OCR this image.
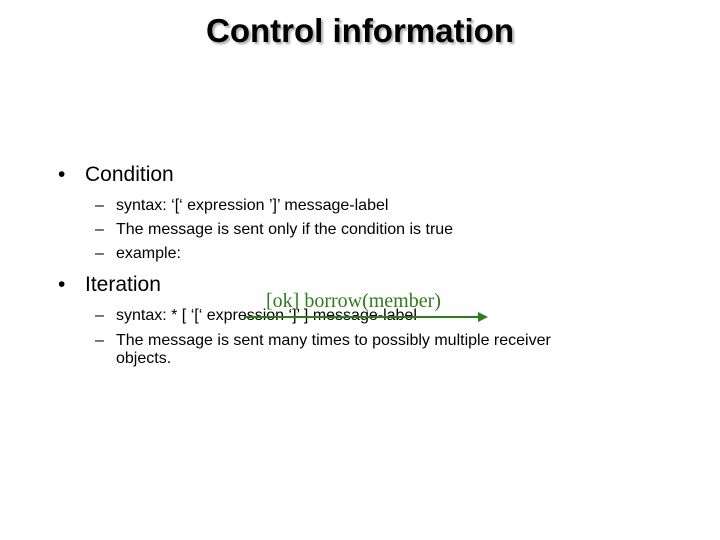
Control information
• Condition
– syntax: ‘[‘ expression ’]’ message-label
– The message is sent only if the condition is true
– example:
• Iteration
– syntax: * [ ‘[‘ expression ‘]’ ] message-label
– The message is sent many times to possibly multiple receiver
objects.
[ok] borrow(member)
